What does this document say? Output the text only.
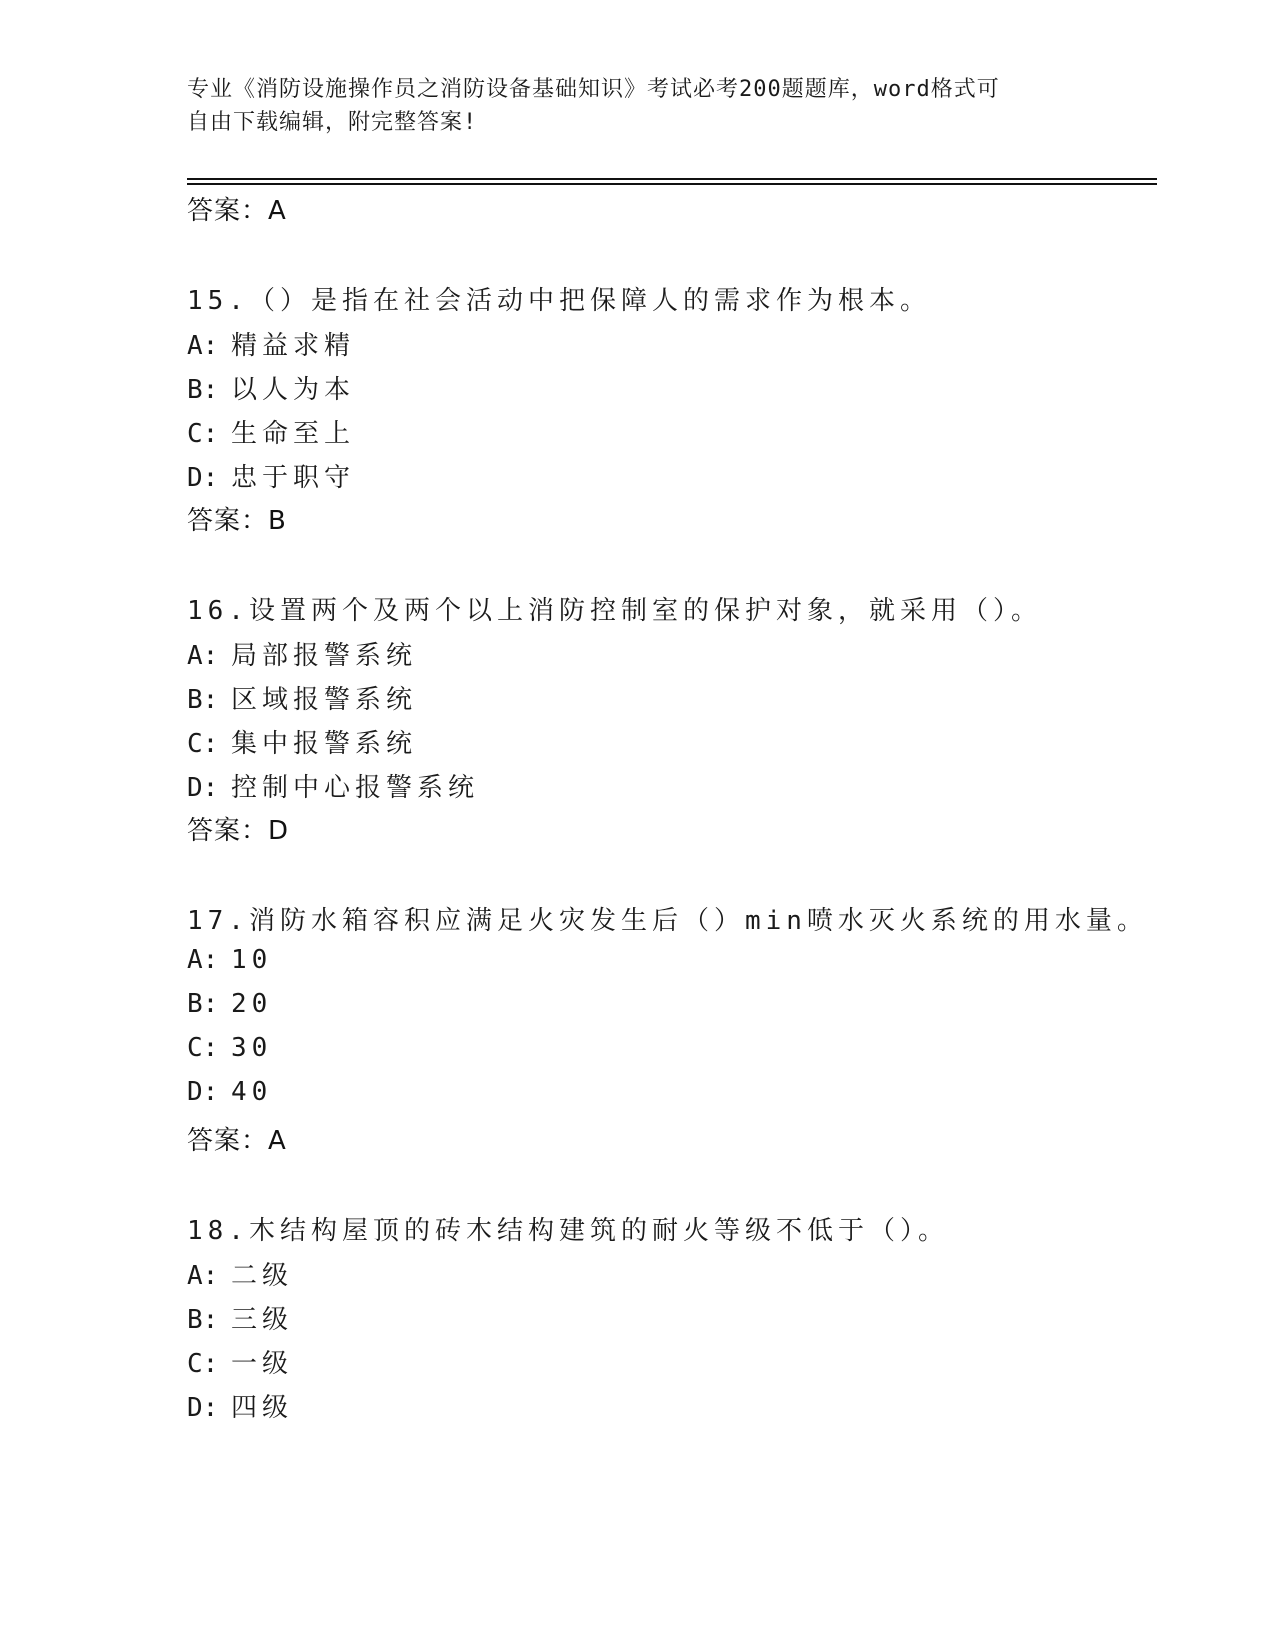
专业《消防设施操作员之消防设备基础知识》考试必考200题题库，word格式可
自由下载编辑，附完整答案!
答案：A
15.（）是指在社会活动中把保障人的需求作为根本。
A: 精益求精
B: 以人为本
C: 生命至上
D: 忠于职守
答案：B
16.设置两个及两个以上消防控制室的保护对象，就采用（）。
A: 局部报警系统
B: 区域报警系统
C: 集中报警系统
D: 控制中心报警系统
答案：D
17.消防水箱容积应满足火灾发生后（）min喷水灭火系统的用水量。
A: 10
B: 20
C: 30
D: 40
答案：A
18.木结构屋顶的砖木结构建筑的耐火等级不低于（）。
A: 二级
B: 三级
C: 一级
D: 四级
